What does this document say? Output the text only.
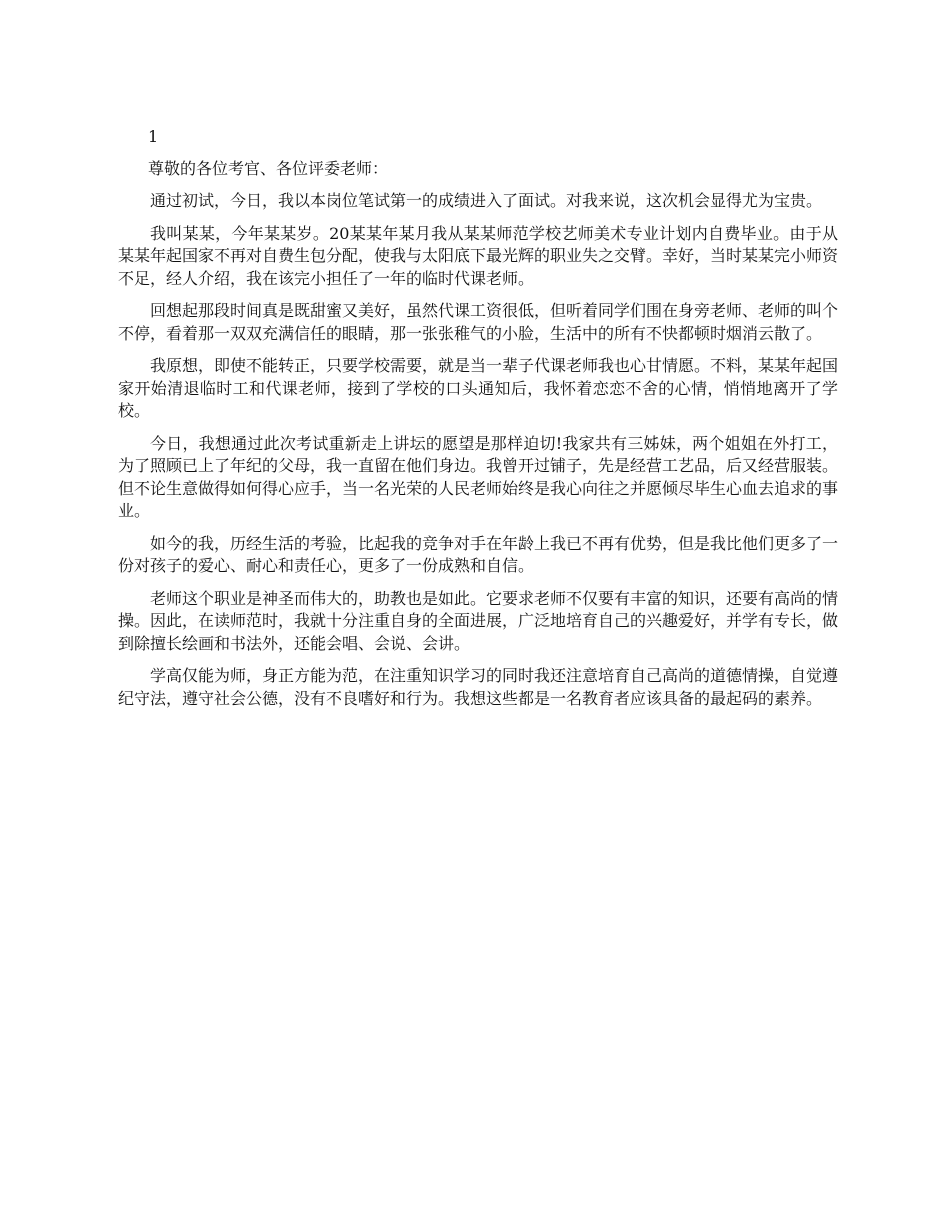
1
尊敬的各位考官、各位评委老师：

通过初试，今日，我以本岗位笔试第一的成绩进入了面试。对我来说，这次机会显得尤为宝贵。

我叫某某，今年某某岁。20某某年某月我从某某师范学校艺师美术专业计划内自费毕业。由于从某某年起国家不再对自费生包分配，使我与太阳底下最光辉的职业失之交臂。幸好，当时某某完小师资不足，经人介绍，我在该完小担任了一年的临时代课老师。

回想起那段时间真是既甜蜜又美好，虽然代课工资很低，但听着同学们围在身旁老师、老师的叫个不停，看着那一双双充满信任的眼睛，那一张张稚气的小脸，生活中的所有不快都顿时烟消云散了。

我原想，即使不能转正，只要学校需要，就是当一辈子代课老师我也心甘情愿。不料，某某年起国家开始清退临时工和代课老师，接到了学校的口头通知后，我怀着恋恋不舍的心情，悄悄地离开了学校。

今日，我想通过此次考试重新走上讲坛的愿望是那样迫切!我家共有三姊妹，两个姐姐在外打工，为了照顾已上了年纪的父母，我一直留在他们身边。我曾开过铺子，先是经营工艺品，后又经营服装。但不论生意做得如何得心应手，当一名光荣的人民老师始终是我心向往之并愿倾尽毕生心血去追求的事业。

如今的我，历经生活的考验，比起我的竞争对手在年龄上我已不再有优势，但是我比他们更多了一份对孩子的爱心、耐心和责任心，更多了一份成熟和自信。

老师这个职业是神圣而伟大的，助教也是如此。它要求老师不仅要有丰富的知识，还要有高尚的情操。因此，在读师范时，我就十分注重自身的全面进展，广泛地培育自己的兴趣爱好，并学有专长，做到除擅长绘画和书法外，还能会唱、会说、会讲。

学高仅能为师，身正方能为范，在注重知识学习的同时我还注意培育自己高尚的道德情操，自觉遵纪守法，遵守社会公德，没有不良嗜好和行为。我想这些都是一名教育者应该具备的最起码的素养。
